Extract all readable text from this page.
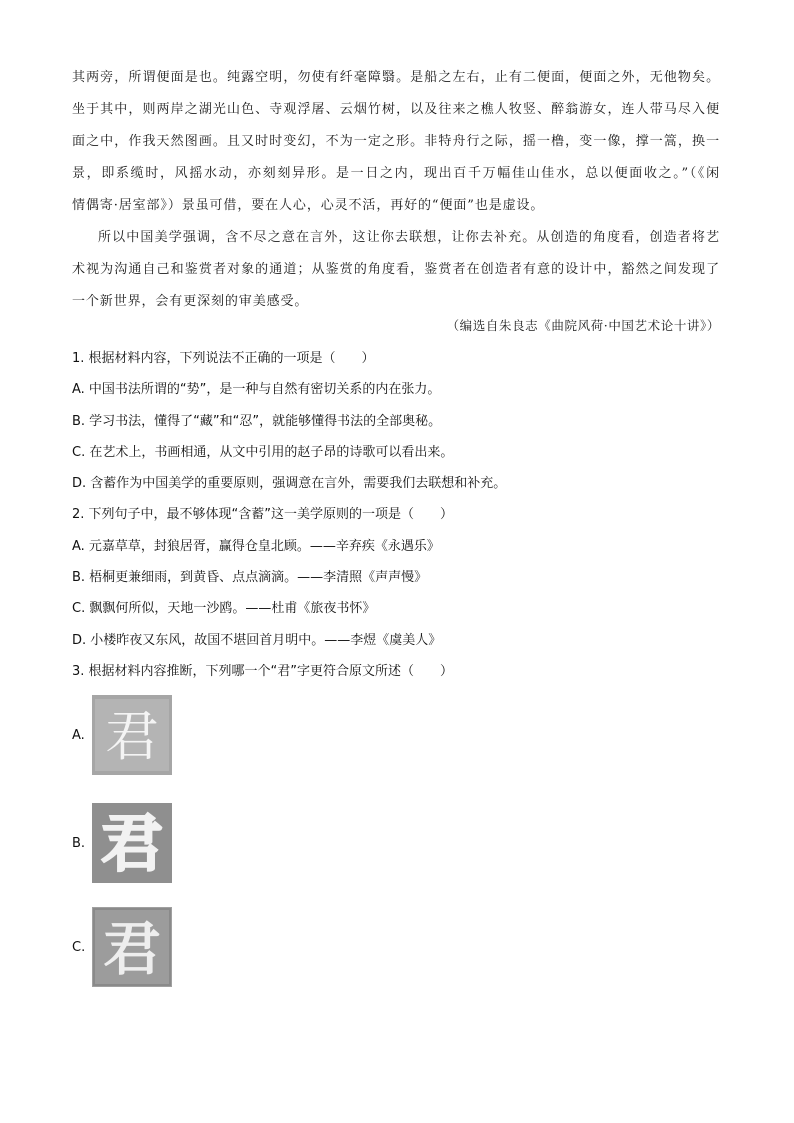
其两旁，所谓便面是也。纯露空明，勿使有纤毫障翳。是船之左右，止有二便面，便面之外，无他物矣。
坐于其中，则两岸之湖光山色、寺观浮屠、云烟竹树，以及往来之樵人牧竖、醉翁游女，连人带马尽入便
面之中，作我天然图画。且又时时变幻，不为一定之形。非特舟行之际，摇一橹，变一像，撑一篙，换一
景，即系缆时，风摇水动，亦刻刻异形。是一日之内，现出百千万幅佳山佳水，总以便面收之。”（《闲
情偶寄·居室部》）景虽可借，要在人心，心灵不活，再好的“便面”也是虚设。
所以中国美学强调，含不尽之意在言外，这让你去联想，让你去补充。从创造的角度看，创造者将艺
术视为沟通自己和鉴赏者对象的通道；从鉴赏的角度看，鉴赏者在创造者有意的设计中，豁然之间发现了
一个新世界，会有更深刻的审美感受。
（编选自朱良志《曲院风荷·中国艺术论十讲》）
1. 根据材料内容，下列说法不正确的一项是（　　）
A. 中国书法所谓的“势”，是一种与自然有密切关系的内在张力。
B. 学习书法，懂得了“藏”和“忍”，就能够懂得书法的全部奥秘。
C. 在艺术上，书画相通，从文中引用的赵子昂的诗歌可以看出来。
D. 含蓄作为中国美学的重要原则，强调意在言外，需要我们去联想和补充。
2. 下列句子中，最不够体现“含蓄”这一美学原则的一项是（　　）
A. 元嘉草草，封狼居胥，赢得仓皇北顾。——辛弃疾《永遇乐》
B. 梧桐更兼细雨，到黄昏、点点滴滴。——李清照《声声慢》
C. 飘飘何所似，天地一沙鸥。——杜甫《旅夜书怀》
D. 小楼昨夜又东风，故国不堪回首月明中。——李煜《虞美人》
3. 根据材料内容推断，下列哪一个“君”字更符合原文所述（　　）
A. 君
B. 君
C. 君
